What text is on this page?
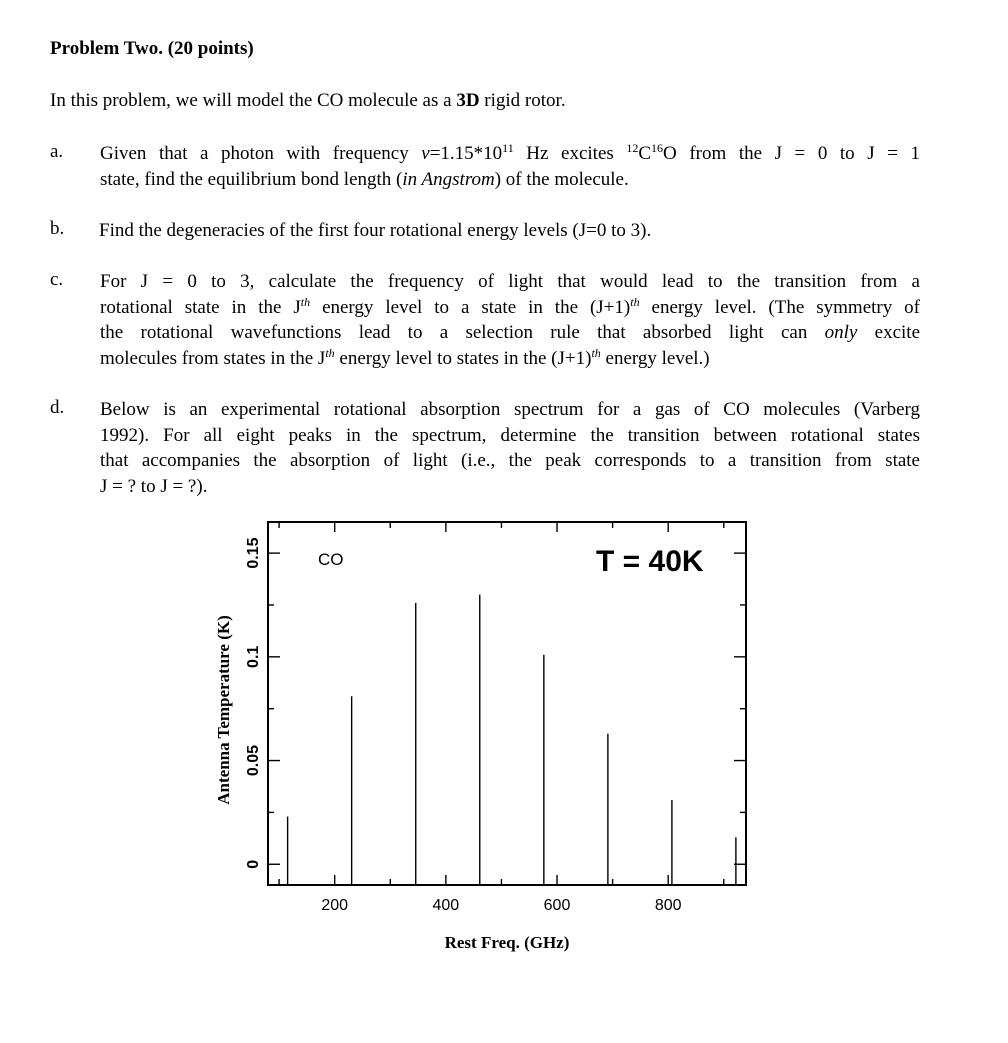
Problem Two. (20 points)
In this problem, we will model the CO molecule as a 3D rigid rotor.
a. Given that a photon with frequency $\nu=1.15*10^{11}$ Hz excites $^{12}C^{16}O$ from the J = 0 to J = 1
state, find the equilibrium bond length (in Angstrom) of the molecule.
b. Find the degeneracies of the first four rotational energy levels (J=0 to 3).
c. For J = 0 to 3, calculate the frequency of light that would lead to the transition from a
rotational state in the $J^{th}$ energy level to a state in the $(J+1)^{th}$ energy level. (The symmetry of
the rotational wavefunctions lead to a selection rule that absorbed light can only excite
molecules from states in the $J^{th}$ energy level to states in the $(J+1)^{th}$ energy level.)
d. Below is an experimental rotational absorption spectrum for a gas of CO molecules (Varberg
1992). For all eight peaks in the spectrum, determine the transition between rotational states
that accompanies the absorption of light (i.e., the peak corresponds to a transition from state
J = ? to J = ?).
200	400	600	800
0
0.05
0.1
0.15	CO	T = 40K
Rest Freq. (GHz)
Antenna Temperature (K)
